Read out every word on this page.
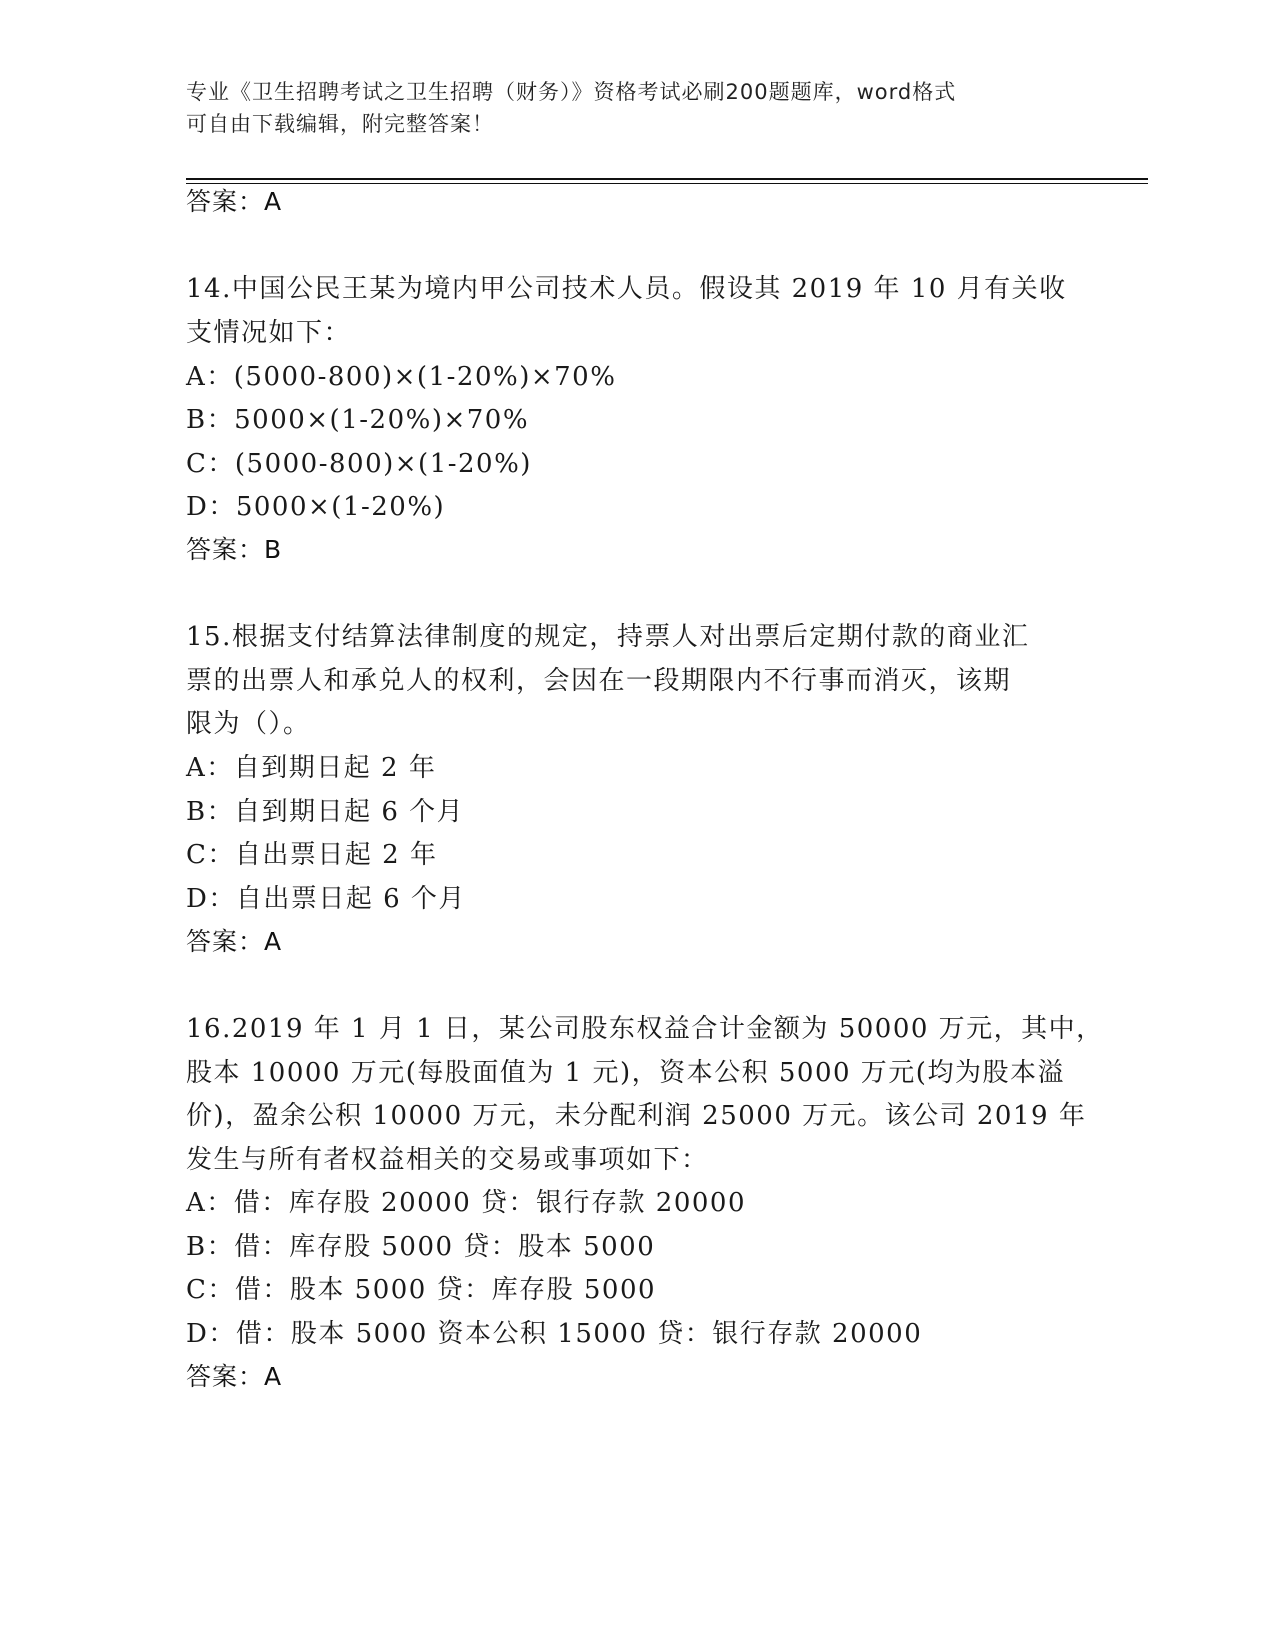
专业《卫生招聘考试之卫生招聘（财务）》资格考试必刷200题题库，word格式
可自由下载编辑，附完整答案！
答案：A
14.中国公民王某为境内甲公司技术人员。假设其 2019 年 10 月有关收
支情况如下：
A：(5000-800)×(1-20%)×70%
B：5000×(1-20%)×70%
C：(5000-800)×(1-20%)
D：5000×(1-20%)
答案：B
15.根据支付结算法律制度的规定，持票人对出票后定期付款的商业汇
票的出票人和承兑人的权利，会因在一段期限内不行事而消灭，该期
限为（）。
A：自到期日起 2 年
B：自到期日起 6 个月
C：自出票日起 2 年
D：自出票日起 6 个月
答案：A
16.2019 年 1 月 1 日，某公司股东权益合计金额为 50000 万元，其中，
股本 10000 万元(每股面值为 1 元)，资本公积 5000 万元(均为股本溢
价)，盈余公积 10000 万元，未分配利润 25000 万元。该公司 2019 年
发生与所有者权益相关的交易或事项如下：
A：借：库存股 20000 贷：银行存款 20000
B：借：库存股 5000 贷：股本 5000
C：借：股本 5000 贷：库存股 5000
D：借：股本 5000 资本公积 15000 贷：银行存款 20000
答案：A
